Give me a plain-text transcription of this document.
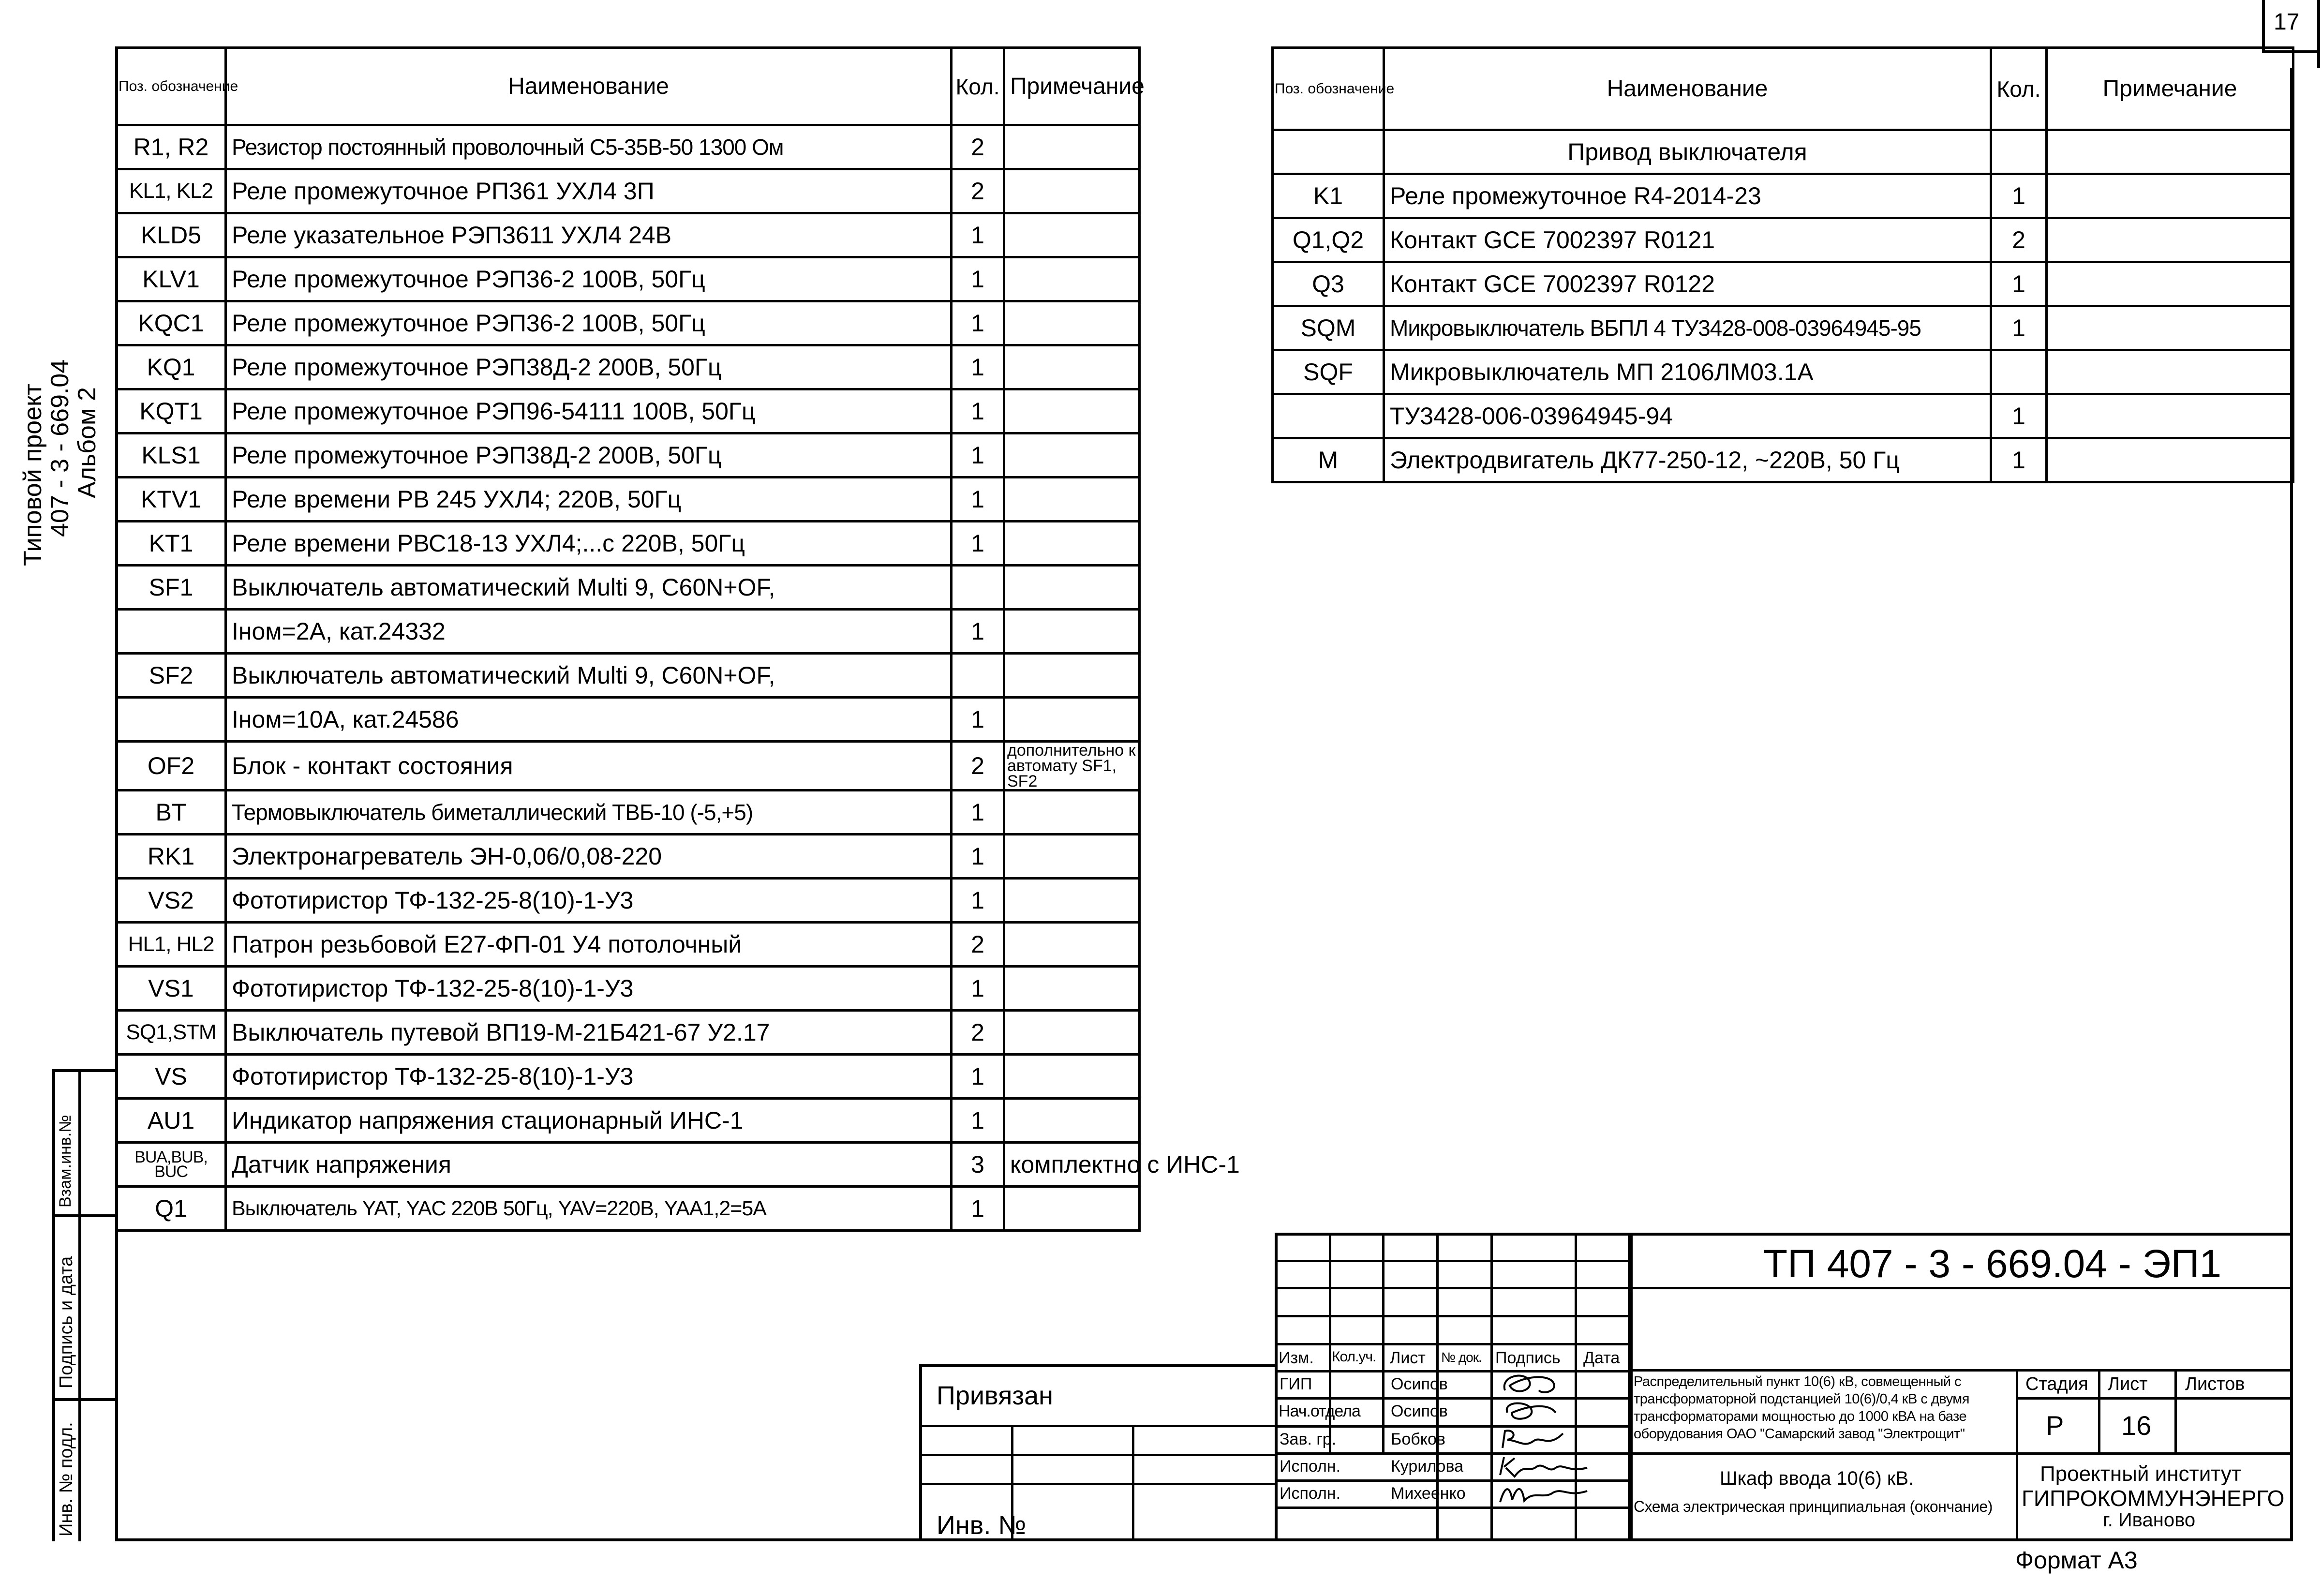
17
Типовой проект
407 - 3 - 669.04
Альбом 2
Взам.инв.№
Подпись и дата
Инв. № подл.
Поз. обозначение	Наименование	Кол.	Примечание
R1, R2	Резистор постоянный проволочный С5-35В-50 1300 Ом	2	
KL1, KL2	Реле промежуточное РП361 УХЛ4 3П	2	
KLD5	Реле указательное РЭП3611 УХЛ4 24В	1	
KLV1	Реле промежуточное РЭП36-2 100В, 50Гц	1	
KQC1	Реле промежуточное РЭП36-2 100В, 50Гц	1	
KQ1	Реле промежуточное РЭП38Д-2 200В, 50Гц	1	
KQT1	Реле промежуточное РЭП96-54111 100В, 50Гц	1	
KLS1	Реле промежуточное РЭП38Д-2 200В, 50Гц	1	
KTV1	Реле времени РВ 245 УХЛ4; 220В, 50Гц	1	
KT1	Реле времени РВС18-13 УХЛ4;...с 220В, 50Гц	1	
SF1	Выключатель автоматический Multi 9, C60N+OF,		
	Iном=2А, кат.24332	1	
SF2	Выключатель автоматический Multi 9, C60N+OF,		
	Iном=10А, кат.24586	1	
OF2	Блок - контакт состояния	2	дополнительно к автомату SF1, SF2
BT	Термовыключатель биметаллический ТВБ-10 (-5,+5)	1	
RK1	Электронагреватель ЭН-0,06/0,08-220	1	
VS2	Фототиристор ТФ-132-25-8(10)-1-У3	1	
HL1, HL2	Патрон резьбовой Е27-ФП-01 У4 потолочный	2	
VS1	Фототиристор ТФ-132-25-8(10)-1-У3	1	
SQ1,STM	Выключатель путевой ВП19-М-21Б421-67 У2.17	2	
VS	Фототиристор ТФ-132-25-8(10)-1-У3	1	
AU1	Индикатор напряжения стационарный ИНС-1	1	
BUA,BUB, BUC	Датчик напряжения	3	комплектно с ИНС-1
Q1	Выключатель YAT, YAC 220В 50Гц, YAV=220В, YAA1,2=5A	1	
Поз. обозначение	Наименование	Кол.	Примечание
	Привод выключателя		
K1	Реле промежуточное R4-2014-23	1	
Q1,Q2	Контакт GCE 7002397 R0121	2	
Q3	Контакт GCE 7002397 R0122	1	
SQM	Микровыключатель ВБПЛ 4 ТУ3428-008-03964945-95	1	
SQF	Микровыключатель МП 2106ЛМ03.1А		
	ТУ3428-006-03964945-94	1	
M	Электродвигатель ДК77-250-12, ~220В, 50 Гц	1	
Привязан
Инв. №
Изм. Кол.уч. Лист № док. Подпись Дата
ГИП	Осипов
Нач.отдела Осипов
Зав. гр.	Бобков
Исполн.	Курилова
Исполн.	Михеенко
ТП 407 - 3 - 669.04 - ЭП1
Распределительный пункт 10(6) кВ, совмещенный с
трансформаторной подстанцией 10(6)/0,4 кВ с двумя
трансформаторами мощностью до 1000 кВА на базе
оборудования ОАО "Самарский завод "Электрощит"
Шкаф ввода 10(6) кВ.
Схема электрическая принципиальная (окончание)
Стадия Лист Листов
Р 16
Проектный институт
ГИПРОКОММУНЭНЕРГО
г. Иваново
Формат А3
